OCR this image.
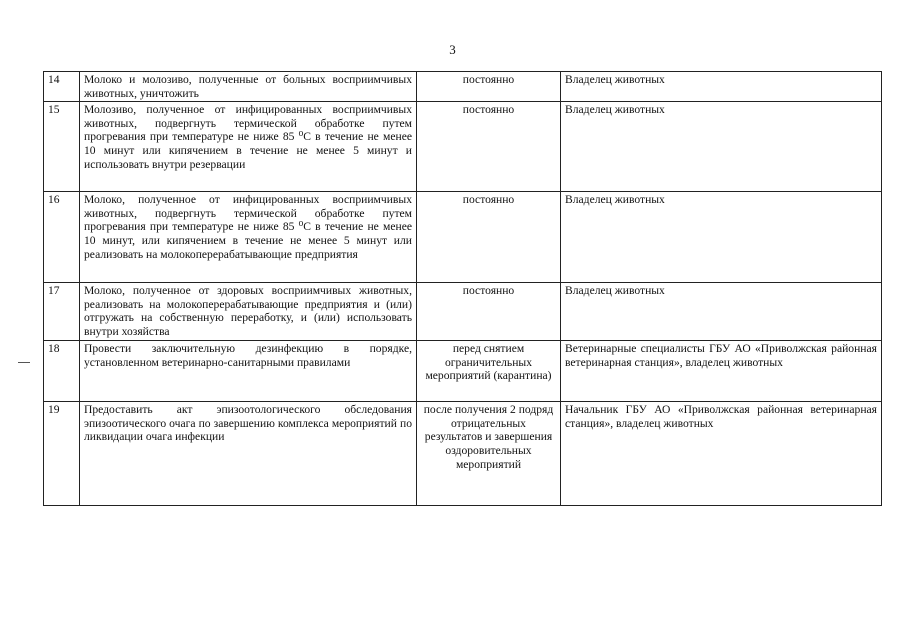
3
14	Молоко и молозиво, полученные от больных восприимчивых животных, уничтожить	постоянно	Владелец животных
15	Молозиво, полученное от инфицированных восприимчивых животных, подвергнуть термической обработке путем прогревания при температуре не ниже 85 ⁰С в течение не менее 10 минут или кипячением в течение не менее 5 минут и использовать внутри резервации	постоянно	Владелец животных
16	Молоко, полученное от инфицированных восприимчивых животных, подвергнуть термической обработке путем прогревания при температуре не ниже 85 ⁰С в течение не менее 10 минут, или кипячением в течение не менее 5 минут или реализовать на молокоперерабатывающие предприятия	постоянно	Владелец животных
17	Молоко, полученное от здоровых восприимчивых животных, реализовать на молокоперерабатывающие предприятия и (или) отгружать на собственную переработку, и (или) использовать внутри хозяйства	постоянно	Владелец животных
18	Провести заключительную дезинфекцию в порядке, установленном ветеринарно-санитарными правилами	перед снятием ограничительных мероприятий (карантина)	Ветеринарные специалисты ГБУ АО «Приволжская районная ветеринарная станция», владелец животных
19	Предоставить акт эпизоотологического обследования эпизоотического очага по завершению комплекса мероприятий по ликвидации очага инфекции	после получения 2 подряд отрицательных результатов и завершения оздоровительных мероприятий	Начальник ГБУ АО «Приволжская районная ветеринарная станция», владелец животных
